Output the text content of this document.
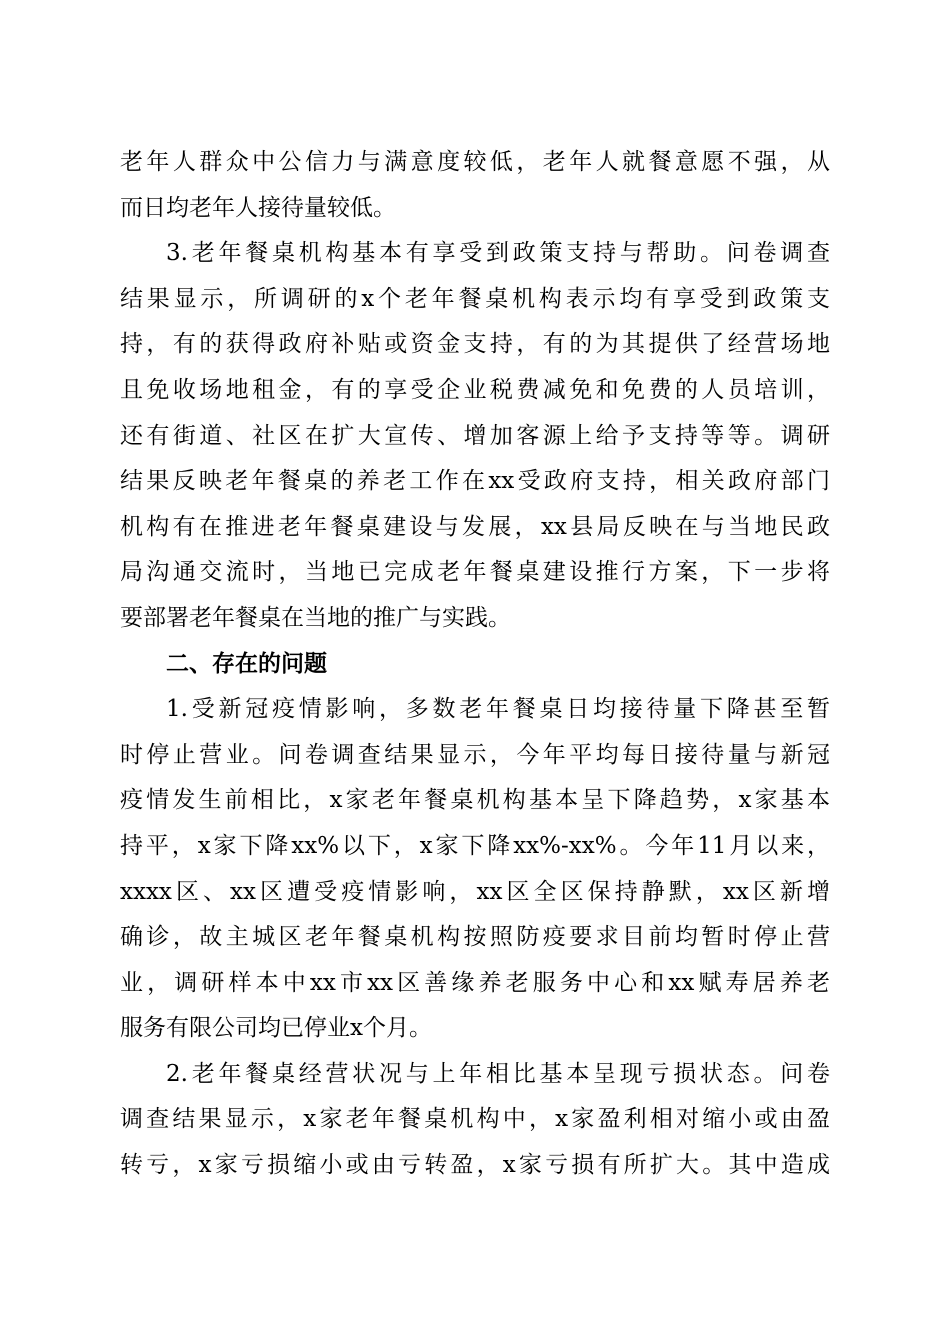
老年人群众中公信力与满意度较低，老年人就餐意愿不强，从
而日均老年人接待量较低。
3.老年餐桌机构基本有享受到政策支持与帮助。问卷调查
结果显示，所调研的x个老年餐桌机构表示均有享受到政策支
持，有的获得政府补贴或资金支持，有的为其提供了经营场地
且免收场地租金，有的享受企业税费减免和免费的人员培训，
还有街道、社区在扩大宣传、增加客源上给予支持等等。调研
结果反映老年餐桌的养老工作在xx受政府支持，相关政府部门
机构有在推进老年餐桌建设与发展，xx县局反映在与当地民政
局沟通交流时，当地已完成老年餐桌建设推行方案，下一步将
要部署老年餐桌在当地的推广与实践。
二、存在的问题
1.受新冠疫情影响，多数老年餐桌日均接待量下降甚至暂
时停止营业。问卷调查结果显示，今年平均每日接待量与新冠
疫情发生前相比，x家老年餐桌机构基本呈下降趋势，x家基本
持平，x家下降xx%以下，x家下降xx%-xx%。今年11月以来，
xxxx区、xx区遭受疫情影响，xx区全区保持静默，xx区新增
确诊，故主城区老年餐桌机构按照防疫要求目前均暂时停止营
业，调研样本中xx市xx区善缘养老服务中心和xx赋寿居养老
服务有限公司均已停业x个月。
2.老年餐桌经营状况与上年相比基本呈现亏损状态。问卷
调查结果显示，x家老年餐桌机构中，x家盈利相对缩小或由盈
转亏，x家亏损缩小或由亏转盈，x家亏损有所扩大。其中造成
